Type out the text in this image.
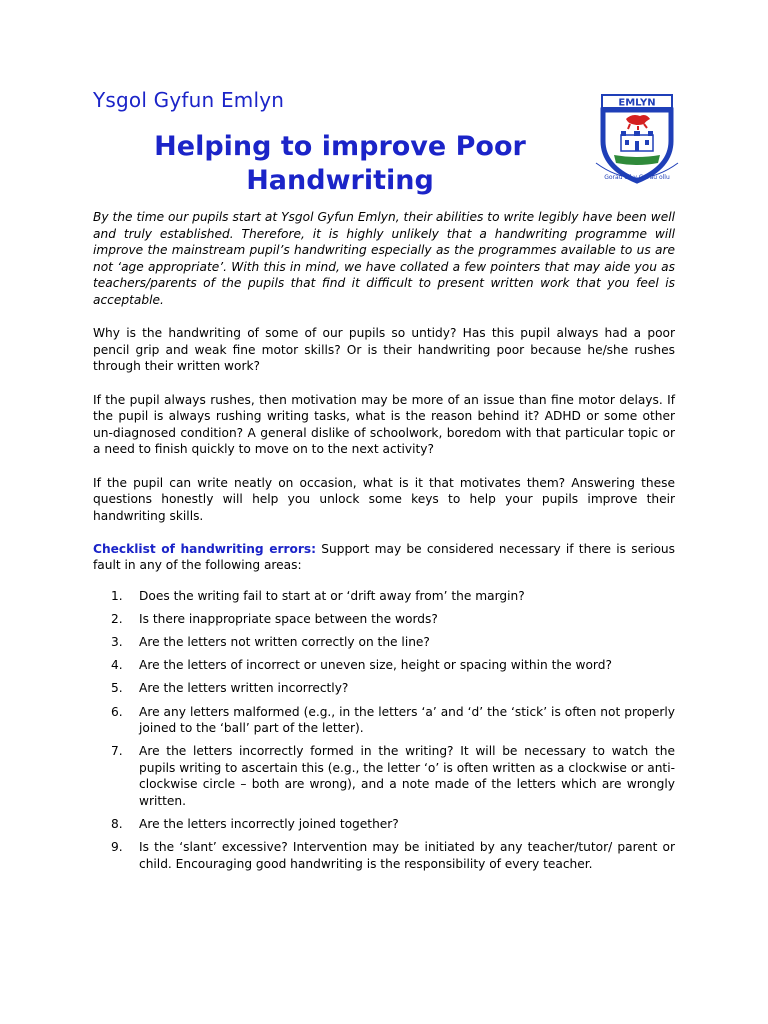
Ysgol Gyfun Emlyn
Helping to improve Poor Handwriting
EMLYN
Gorau oll y Gorau ollu

By the time our pupils start at Ysgol Gyfun Emlyn, their abilities to write legibly have been well and truly established. Therefore, it is highly unlikely that a handwriting programme will improve the mainstream pupil’s handwriting especially as the programmes available to us are not ‘age appropriate’. With this in mind, we have collated a few pointers that may aide you as teachers/parents of the pupils that find it difficult to present written work that you feel is acceptable.

Why is the handwriting of some of our pupils so untidy? Has this pupil always had a poor pencil grip and weak fine motor skills? Or is their handwriting poor because he/she rushes through their written work?

If the pupil always rushes, then motivation may be more of an issue than fine motor delays. If the pupil is always rushing writing tasks, what is the reason behind it? ADHD or some other un-diagnosed condition? A general dislike of schoolwork, boredom with that particular topic or a need to finish quickly to move on to the next activity?

If the pupil can write neatly on occasion, what is it that motivates them? Answering these questions honestly will help you unlock some keys to help your pupils improve their handwriting skills.

Checklist of handwriting errors: Support may be considered necessary if there is serious fault in any of the following areas:

1.	Does the writing fail to start at or ‘drift away from’ the margin?
2.	Is there inappropriate space between the words?
3.	Are the letters not written correctly on the line?
4.	Are the letters of incorrect or uneven size, height or spacing within the word?
5.	Are the letters written incorrectly?
6.	Are any letters malformed (e.g., in the letters ‘a’ and ‘d’ the ‘stick’ is often not properly joined to the ‘ball’ part of the letter).
7.	Are the letters incorrectly formed in the writing? It will be necessary to watch the pupils writing to ascertain this (e.g., the letter ‘o’ is often written as a clockwise or anti-clockwise circle – both are wrong), and a note made of the letters which are wrongly written.
8.	Are the letters incorrectly joined together?
9.	Is the ‘slant’ excessive? Intervention may be initiated by any teacher/tutor/ parent or child. Encouraging good handwriting is the responsibility of every teacher.
